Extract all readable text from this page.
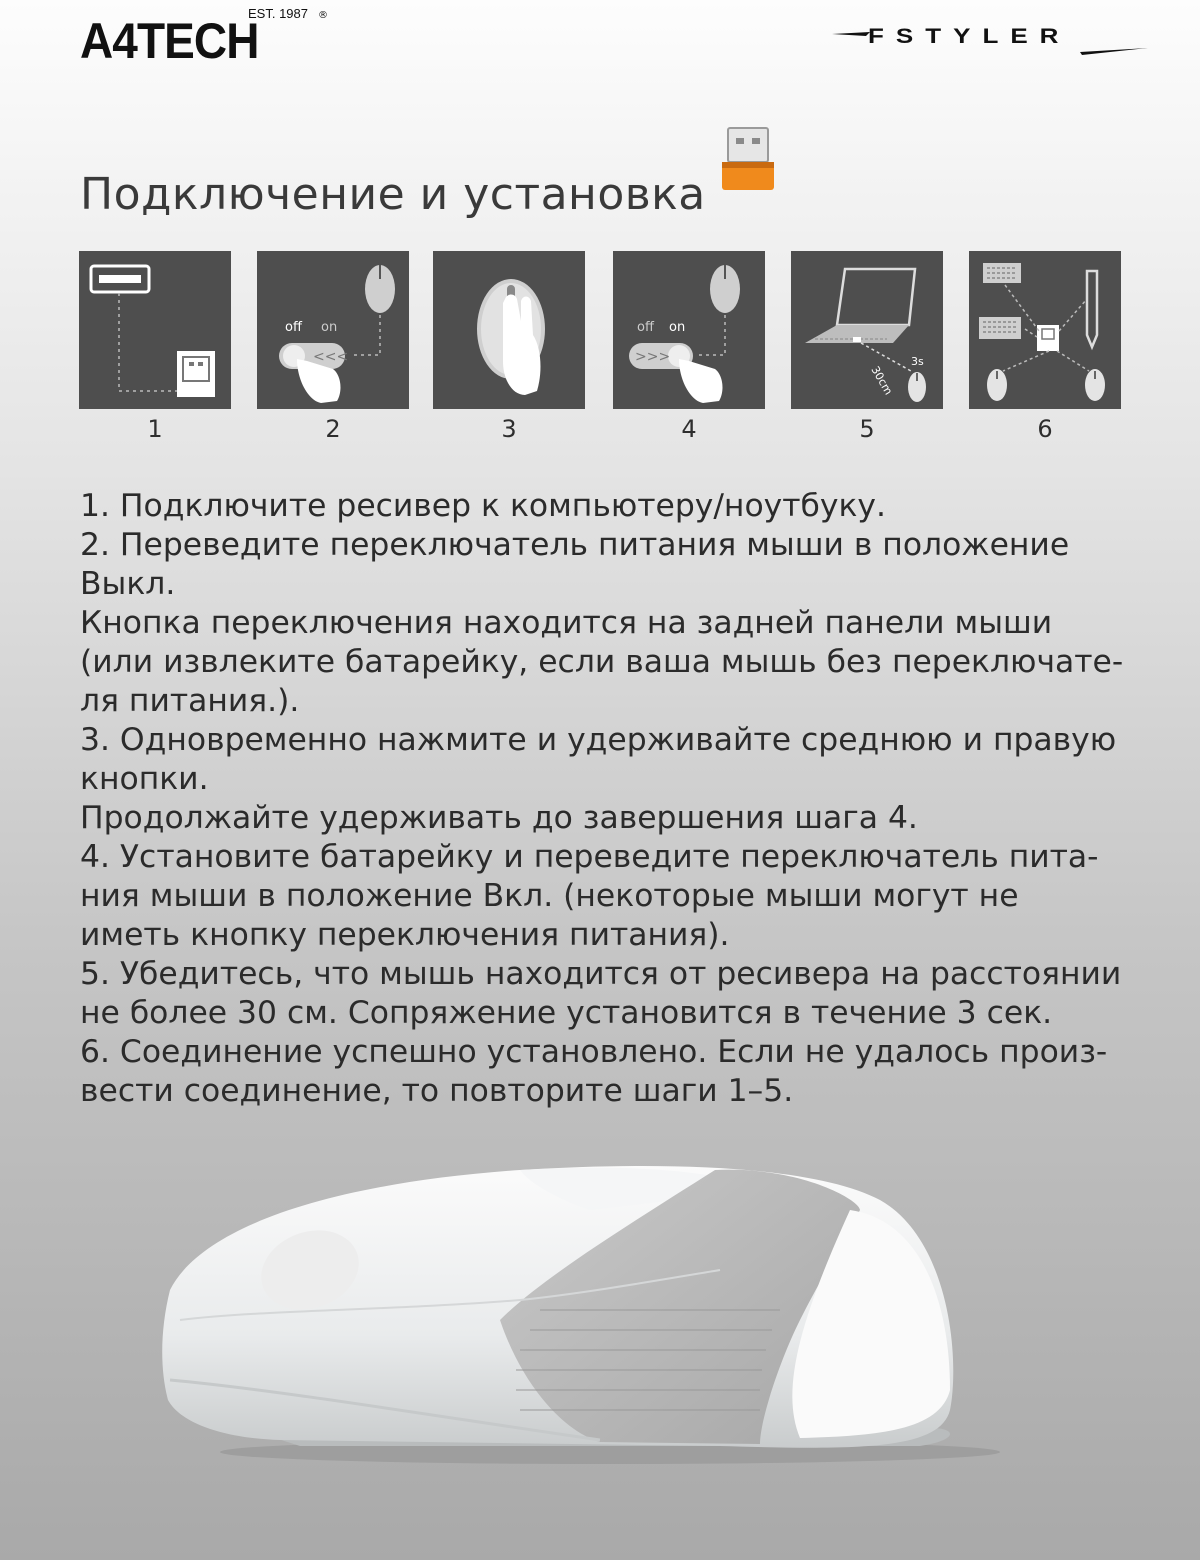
EST. 1987 ®
A4TECH	FSTYLER
Подключение и установка
1
<<<
off on
2	3
>>>
off on
4
30cm
3s
5	6
1. Подключите ресивер к компьютеру/ноутбуку.
2. Переведите переключатель питания мыши в положение
Выкл.
Кнопка переключения находится на задней панели мыши
(или извлеките батарейку, если ваша мышь без переключате-
ля питания.).
3. Одновременно нажмите и удерживайте среднюю и правую
кнопки.
Продолжайте удерживать до завершения шага 4.
4. Установите батарейку и переведите переключатель пита-
ния мыши в положение Вкл. (некоторые мыши могут не
иметь кнопку переключения питания).
5. Убедитесь, что мышь находится от ресивера на расстоянии
не более 30 см. Сопряжение установится в течение 3 сек.
6. Соединение успешно установлено. Если не удалось произ-
вести соединение, то повторите шаги 1–5.
